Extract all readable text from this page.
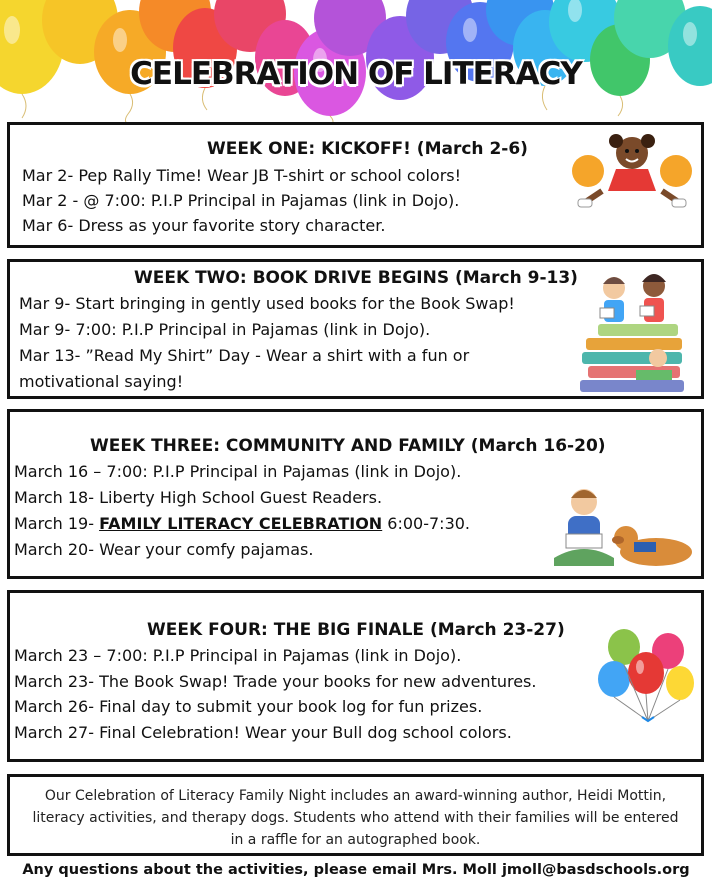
CELEBRATION OF LITERACY
WEEK ONE: KICKOFF! (March 2-6)
Mar 2- Pep Rally Time! Wear JB T-shirt or school colors!
Mar 2 - @ 7:00: P.I.P Principal in Pajamas (link in Dojo).
Mar 6- Dress as your favorite story character.
WEEK TWO: BOOK DRIVE BEGINS (March 9-13)
Mar 9- Start bringing in gently used books for the Book Swap!
Mar 9- 7:00: P.I.P Principal in Pajamas (link in Dojo).
Mar 13- ”Read My Shirt” Day - Wear a shirt with a fun or
motivational saying!
WEEK THREE: COMMUNITY AND FAMILY (March 16-20)
March 16 – 7:00: P.I.P Principal in Pajamas (link in Dojo).
March 18- Liberty High School Guest Readers.
March 19- FAMILY LITERACY CELEBRATION 6:00-7:30.
March 20- Wear your comfy pajamas.
WEEK FOUR: THE BIG FINALE (March 23-27)
March 23 – 7:00: P.I.P Principal in Pajamas (link in Dojo).
March 23- The Book Swap! Trade your books for new adventures.
March 26- Final day to submit your book log for fun prizes.
March 27- Final Celebration! Wear your Bull dog school colors.
Our Celebration of Literacy Family Night includes an award-winning author, Heidi Mottin, literacy activities, and therapy dogs. Students who attend with their families will be entered in a raffle for an autographed book.
Any questions about the activities, please email Mrs. Moll jmoll@basdschools.org
